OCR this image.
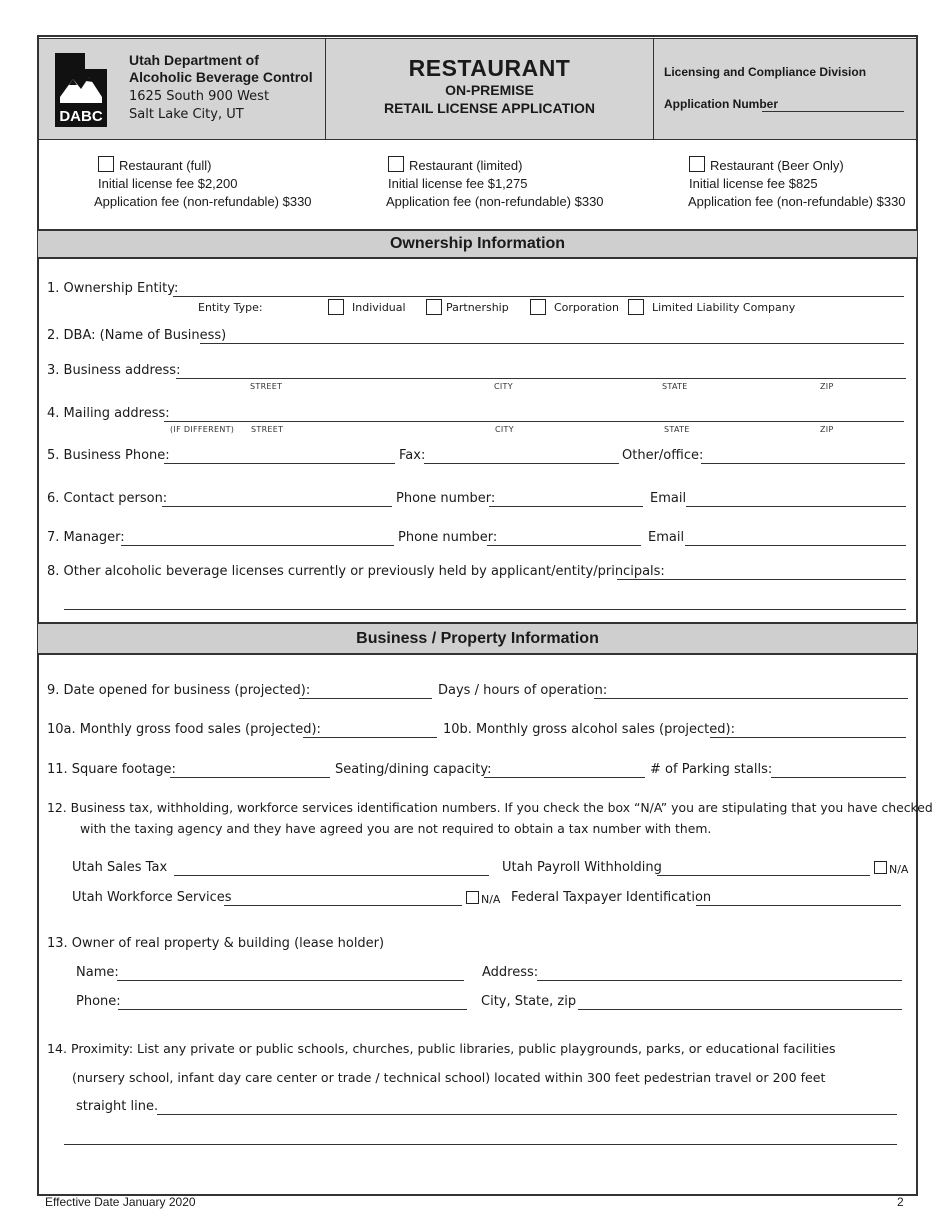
DABC
Utah Department of
Alcoholic Beverage Control
1625 South 900 West
Salt Lake City, UT
RESTAURANT
ON-PREMISE
RETAIL LICENSE APPLICATION
Licensing and Compliance Division
Application Number
Restaurant (full)
Initial license fee $2,200
Application fee (non-refundable) $330
Restaurant (limited)
Initial license fee $1,275
Application fee (non-refundable) $330
Restaurant (Beer Only)
Initial license fee $825
Application fee (non-refundable) $330
Ownership Information
1. Ownership Entity:
Entity Type:	Individual	Partnership	Corporation	Limited Liability Company
2. DBA: (Name of Business)
3. Business address:
STREET	CITY	STATE	ZIP
4. Mailing address:
(IF DIFFERENT) STREET	CITY	STATE	ZIP
5. Business Phone:	Fax:	Other/office:
6. Contact person:	Phone number:	Email
7. Manager:	Phone number:	Email
8. Other alcoholic beverage licenses currently or previously held by applicant/entity/principals:
Business / Property Information
9. Date opened for business (projected):	Days / hours of operation:
10a. Monthly gross food sales (projected):	10b. Monthly gross alcohol sales (projected):
11. Square footage:	Seating/dining capacity:	# of Parking stalls:
12. Business tax, withholding, workforce services identification numbers. If you check the box “N/A” you are stipulating that you have checked
with the taxing agency and they have agreed you are not required to obtain a tax number with them.
Utah Sales Tax	Utah Payroll Withholding	N/A
Utah Workforce Services	N/A Federal Taxpayer Identification
13. Owner of real property & building (lease holder)
Name:	Address:
Phone:	City, State, zip
14. Proximity: List any private or public schools, churches, public libraries, public playgrounds, parks, or educational facilities
(nursery school, infant day care center or trade / technical school) located within 300 feet pedestrian travel or 200 feet
straight line.
Effective Date January 2020	2
